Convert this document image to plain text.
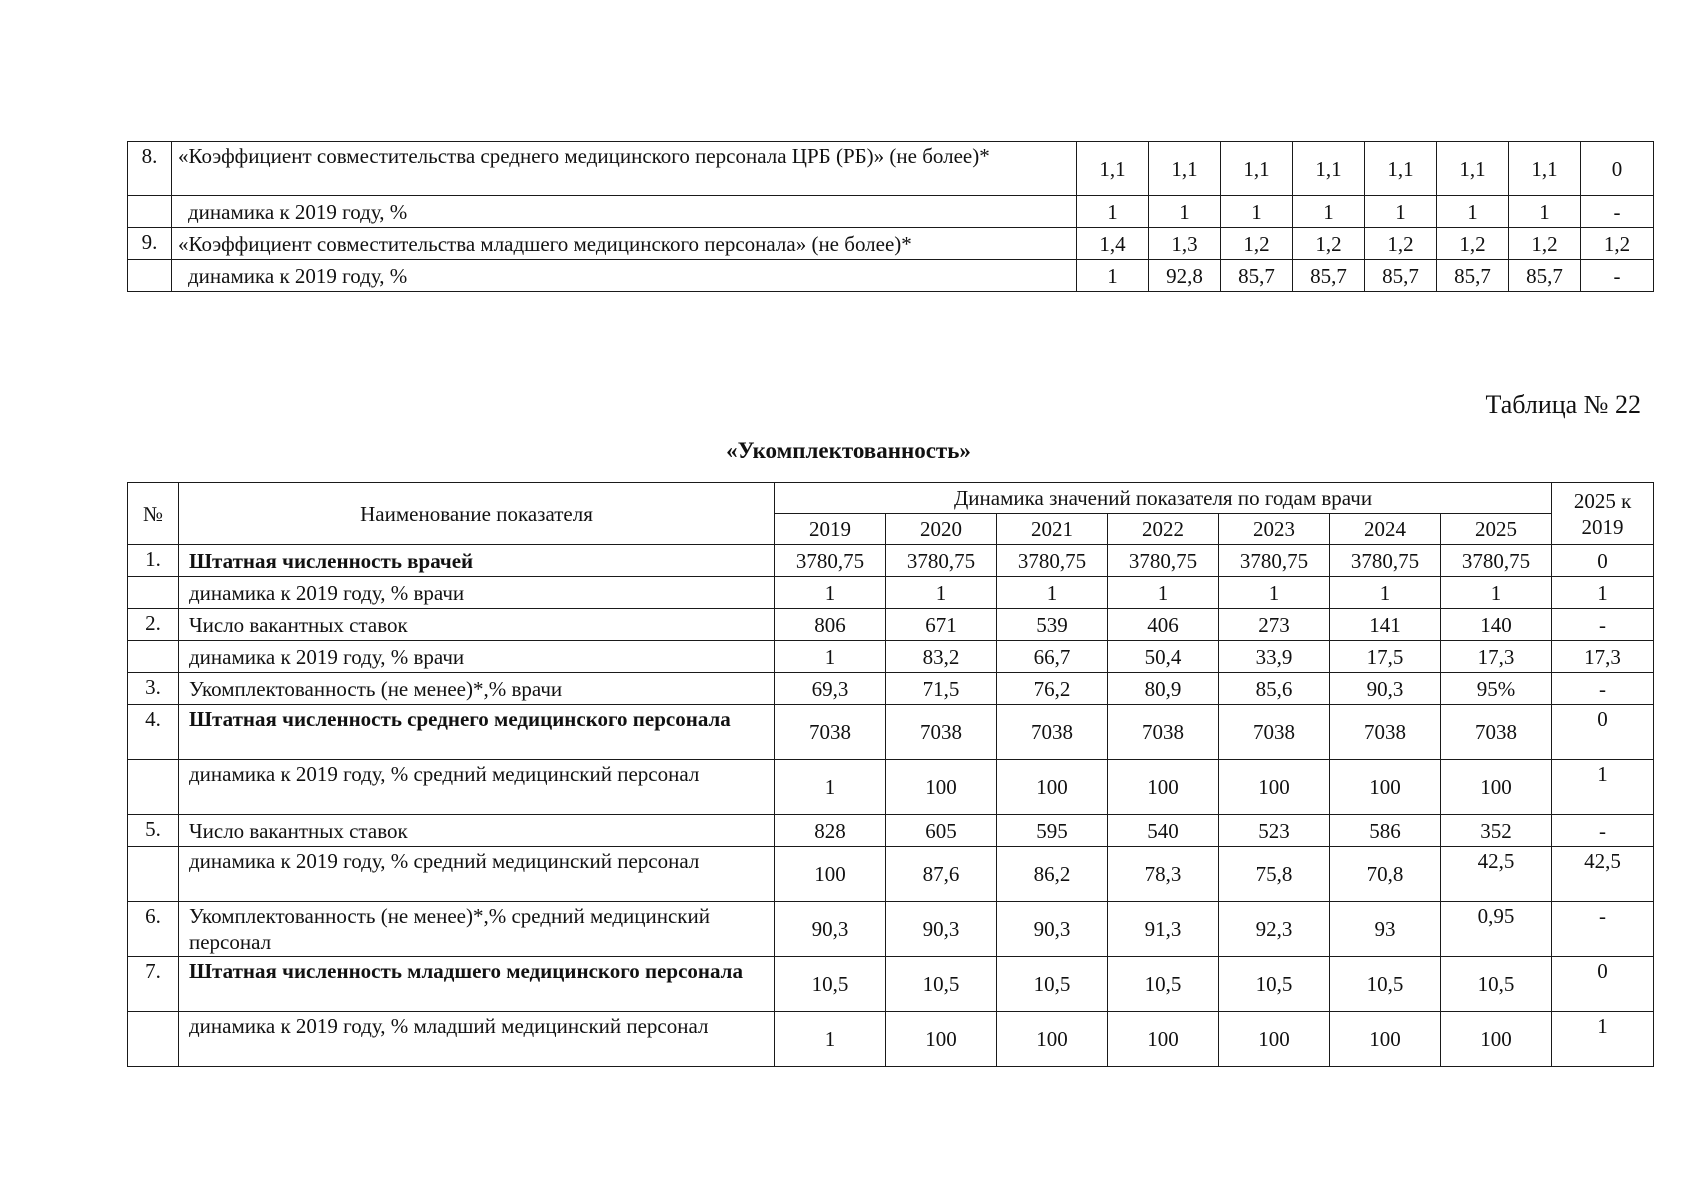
8.	«Коэффициент совместительства среднего медицинского персонала ЦРБ (РБ)» (не более)*	1,1	1,1	1,1	1,1	1,1	1,1	1,1	0
	динамика к 2019 году, %	1	1	1	1	1	1	1	-
9.	«Коэффициент совместительства младшего медицинского персонала» (не более)*	1,4	1,3	1,2	1,2	1,2	1,2	1,2	1,2
	динамика к 2019 году, %	1	92,8	85,7	85,7	85,7	85,7	85,7	-
Таблица № 22
«Укомплектованность»
№	Наименование показателя	Динамика значений показателя по годам врачи							2025 к 2019
		2019	2020	2021	2022	2023	2024	2025	
1.	Штатная численность врачей	3780,75	3780,75	3780,75	3780,75	3780,75	3780,75	3780,75	0
	динамика к 2019 году, % врачи	1	1	1	1	1	1	1	1
2.	Число вакантных ставок	806	671	539	406	273	141	140	-
	динамика к 2019 году, % врачи	1	83,2	66,7	50,4	33,9	17,5	17,3	17,3
3.	Укомплектованность (не менее)*,% врачи	69,3	71,5	76,2	80,9	85,6	90,3	95%	-
4.	Штатная численность среднего медицинского персонала	7038	7038	7038	7038	7038	7038	7038	0
	динамика к 2019 году, % средний медицинский персонал	1	100	100	100	100	100	100	1
5.	Число вакантных ставок	828	605	595	540	523	586	352	-
	динамика к 2019 году, % средний медицинский персонал	100	87,6	86,2	78,3	75,8	70,8	42,5	42,5
6.	Укомплектованность (не менее)*,% средний медицинский персонал	90,3	90,3	90,3	91,3	92,3	93	0,95	-
7.	Штатная численность младшего медицинского персонала	10,5	10,5	10,5	10,5	10,5	10,5	10,5	0
	динамика к 2019 году, % младший медицинский персонал	1	100	100	100	100	100	100	1
